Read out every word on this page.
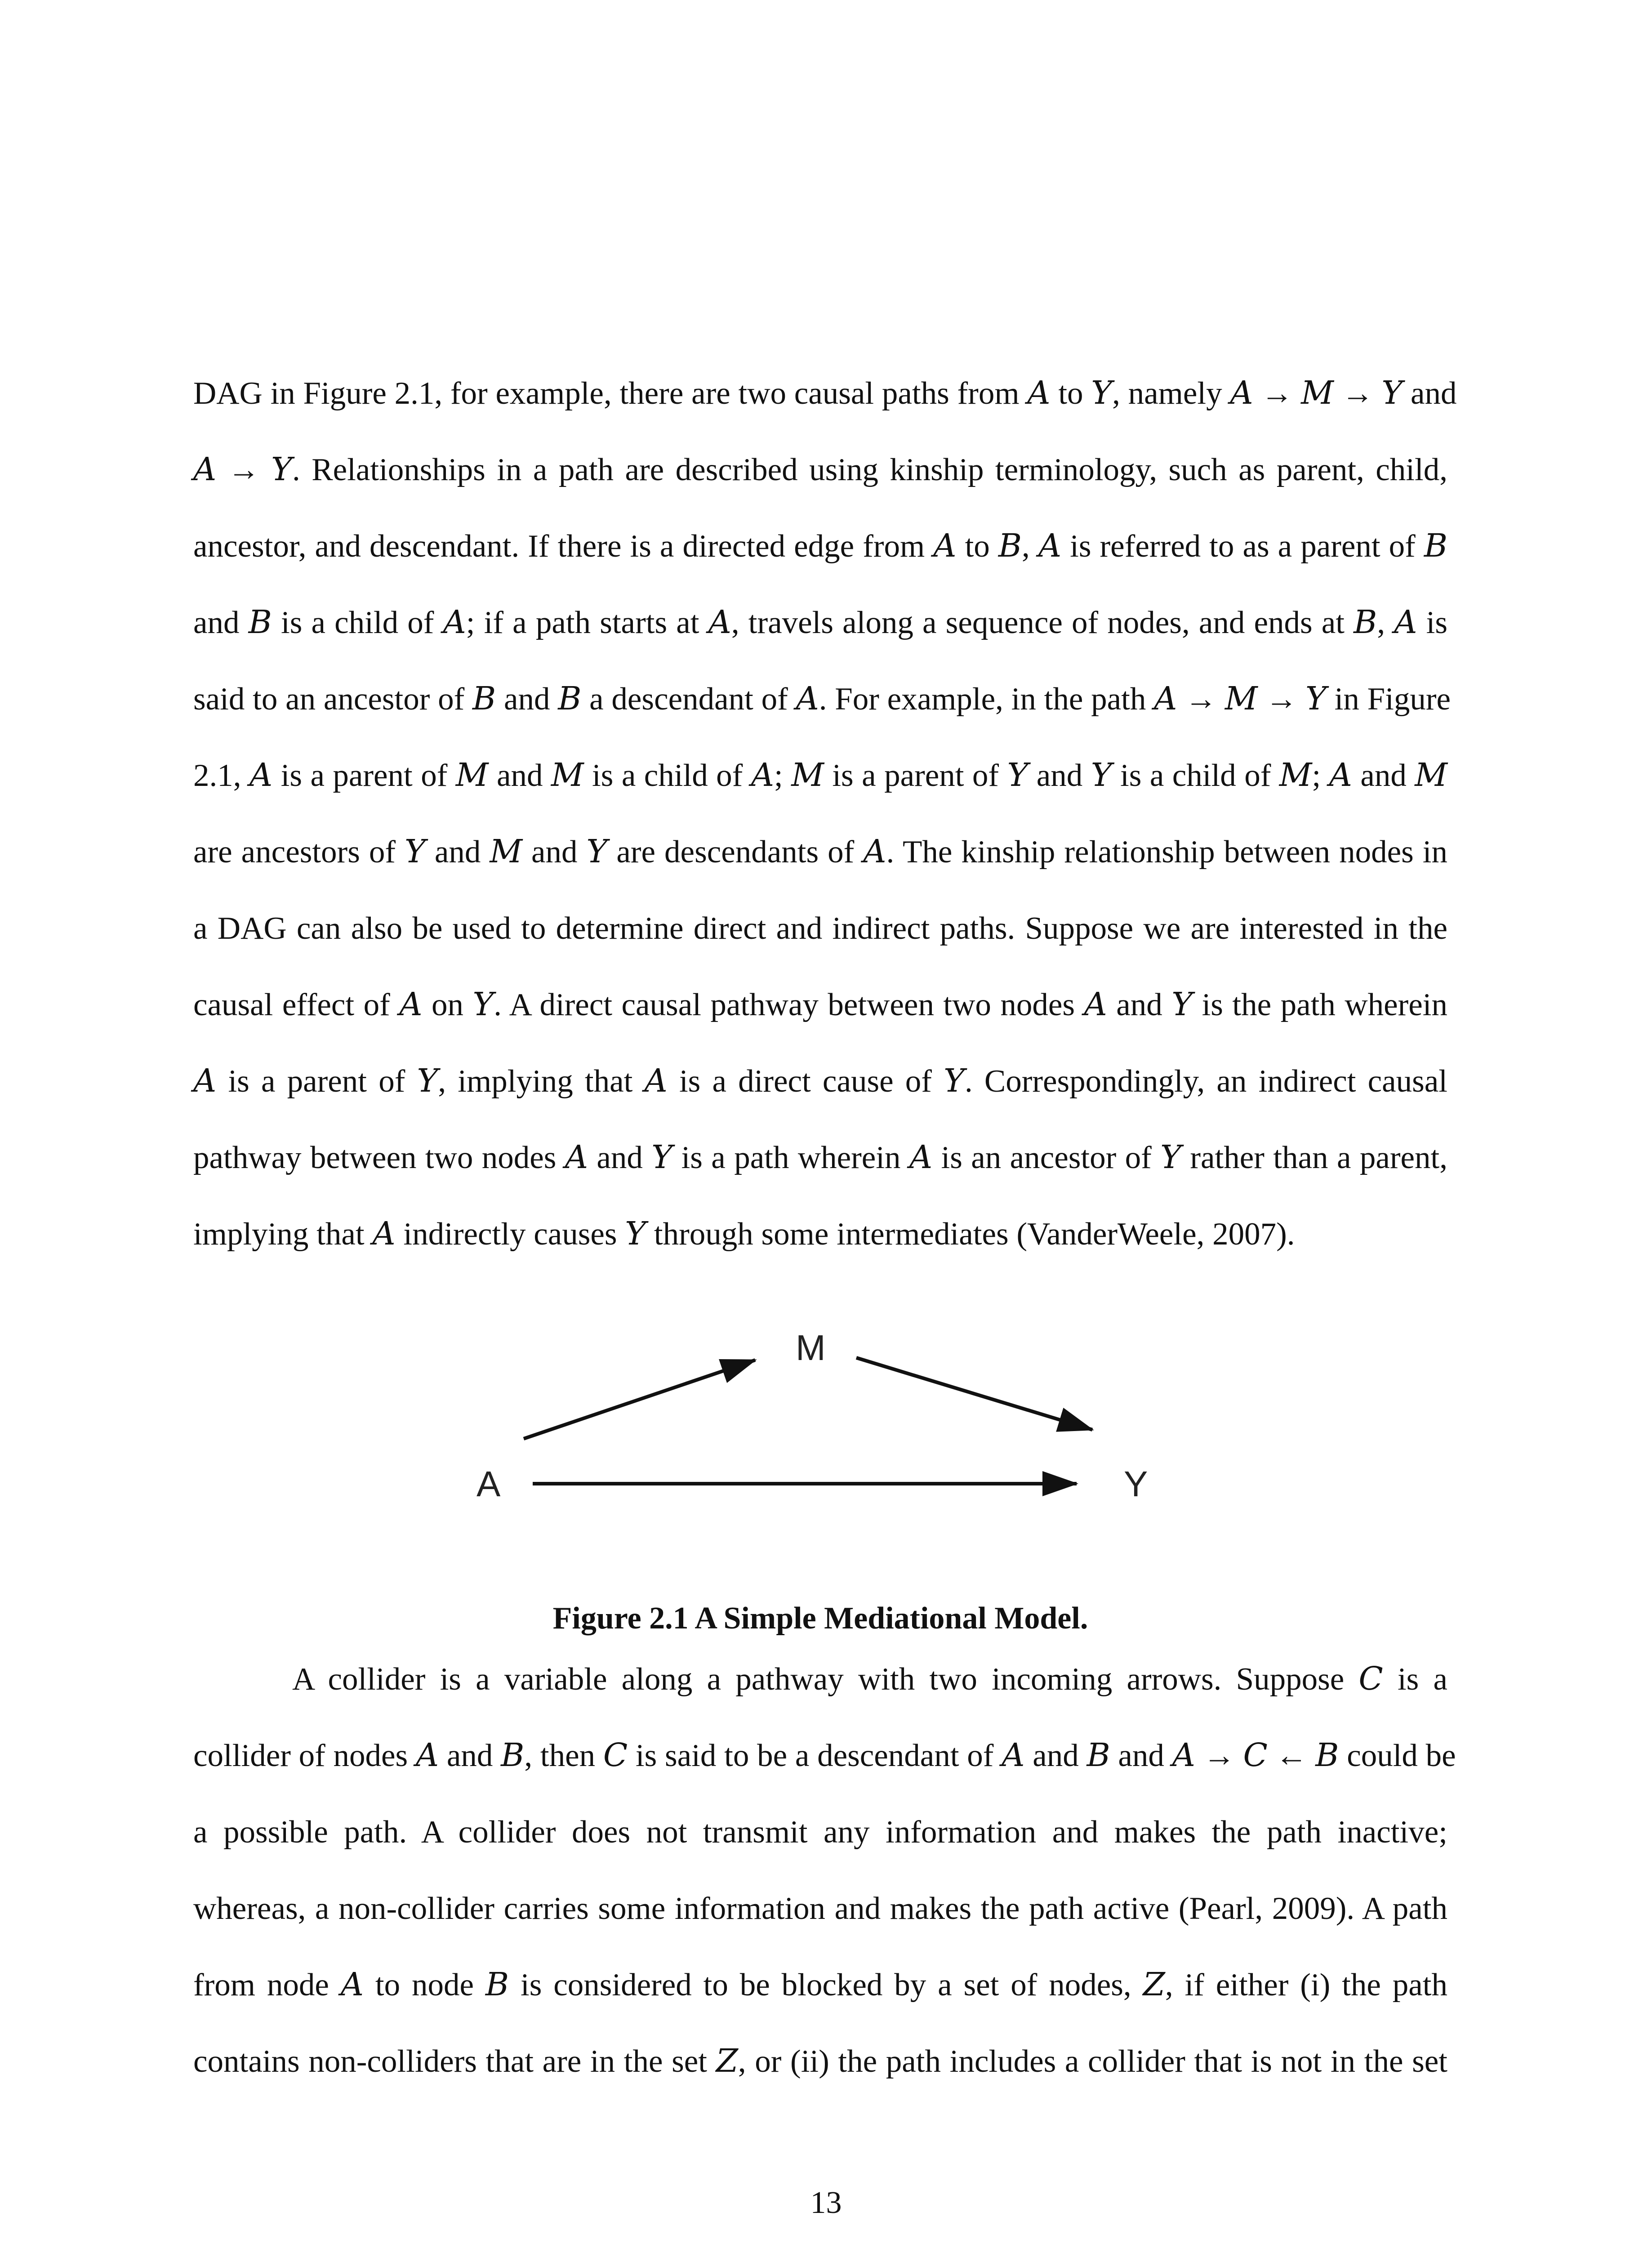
DAG in Figure 2.1, for example, there are two causal paths from 𝐴 to 𝑌, namely 𝐴 → 𝑀 → 𝑌 and
𝐴 → 𝑌. Relationships in a path are described using kinship terminology, such as parent, child,
ancestor, and descendant. If there is a directed edge from 𝐴 to 𝐵, 𝐴 is referred to as a parent of 𝐵
and 𝐵 is a child of 𝐴; if a path starts at 𝐴, travels along a sequence of nodes, and ends at 𝐵, 𝐴 is
said to an ancestor of 𝐵 and 𝐵 a descendant of 𝐴. For example, in the path 𝐴 → 𝑀 → 𝑌 in Figure
2.1, 𝐴 is a parent of 𝑀 and 𝑀 is a child of 𝐴; 𝑀 is a parent of 𝑌 and 𝑌 is a child of 𝑀; 𝐴 and 𝑀
are ancestors of 𝑌 and 𝑀 and 𝑌 are descendants of 𝐴. The kinship relationship between nodes in
a DAG can also be used to determine direct and indirect paths. Suppose we are interested in the
causal effect of 𝐴 on 𝑌. A direct causal pathway between two nodes 𝐴 and 𝑌 is the path wherein
𝐴 is a parent of 𝑌, implying that 𝐴 is a direct cause of 𝑌. Correspondingly, an indirect causal
pathway between two nodes 𝐴 and 𝑌 is a path wherein 𝐴 is an ancestor of 𝑌 rather than a parent,
implying that 𝐴 indirectly causes 𝑌 through some intermediates (VanderWeele, 2007).
M
A	Y
Figure 2.1 A Simple Mediational Model.
A collider is a variable along a pathway with two incoming arrows. Suppose 𝐶 is a
collider of nodes 𝐴 and 𝐵, then 𝐶 is said to be a descendant of 𝐴 and 𝐵 and 𝐴 → 𝐶 ← 𝐵 could be
a possible path. A collider does not transmit any information and makes the path inactive;
whereas, a non-collider carries some information and makes the path active (Pearl, 2009). A path
from node 𝐴 to node 𝐵 is considered to be blocked by a set of nodes, 𝑍, if either (i) the path
contains non-colliders that are in the set 𝑍, or (ii) the path includes a collider that is not in the set
13
